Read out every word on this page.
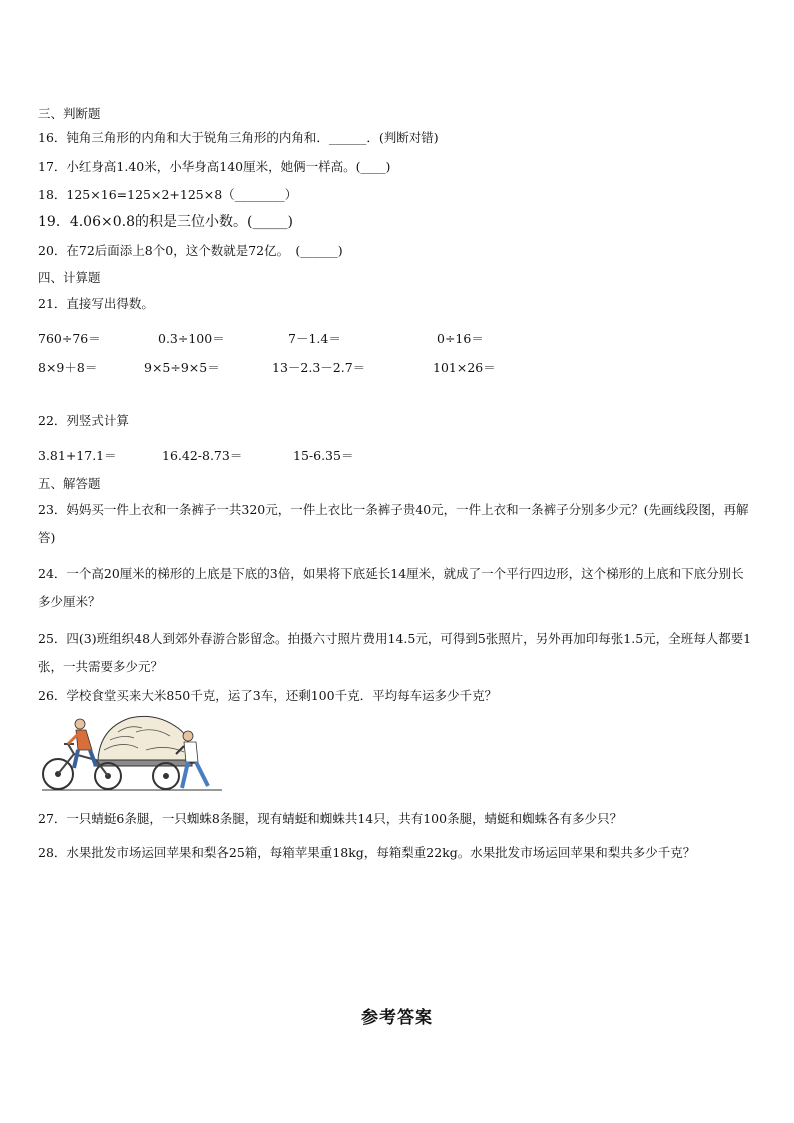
三、判断题
16．钝角三角形的内角和大于锐角三角形的内角和．______．(判断对错)
17．小红身高1.40米，小华身高140厘米，她俩一样高。(____)
18．125×16=125×2+125×8（________）
19．4.06×0.8的积是三位小数。(_____)
20．在72后面添上8个0，这个数就是72亿。　(______)
四、计算题
21．直接写出得数。
760÷76＝	0.3÷100＝	7－1.4＝	0÷16＝
8×9＋8＝	9×5÷9×5＝	13－2.3－2.7＝	101×26＝
22．列竖式计算
3.81+17.1＝	16.42-8.73＝	15-6.35＝
五、解答题
23．妈妈买一件上衣和一条裤子一共320元，一件上衣比一条裤子贵40元，一件上衣和一条裤子分别多少元？(先画线段图，再解答)
24．一个高20厘米的梯形的上底是下底的3倍，如果将下底延长14厘米，就成了一个平行四边形，这个梯形的上底和下底分别长多少厘米？
25．四(3)班组织48人到郊外春游合影留念。拍摄六寸照片费用14.5元，可得到5张照片，另外再加印每张1.5元，全班每人都要1张，一共需要多少元？
26．学校食堂买来大米850千克，运了3车，还剩100千克．平均每车运多少千克？
27．一只蜻蜓6条腿，一只蜘蛛8条腿，现有蜻蜓和蜘蛛共14只，共有100条腿，蜻蜓和蜘蛛各有多少只？
28．水果批发市场运回苹果和梨各25箱，每箱苹果重18kg，每箱梨重22kg。水果批发市场运回苹果和梨共多少千克？
参考答案
